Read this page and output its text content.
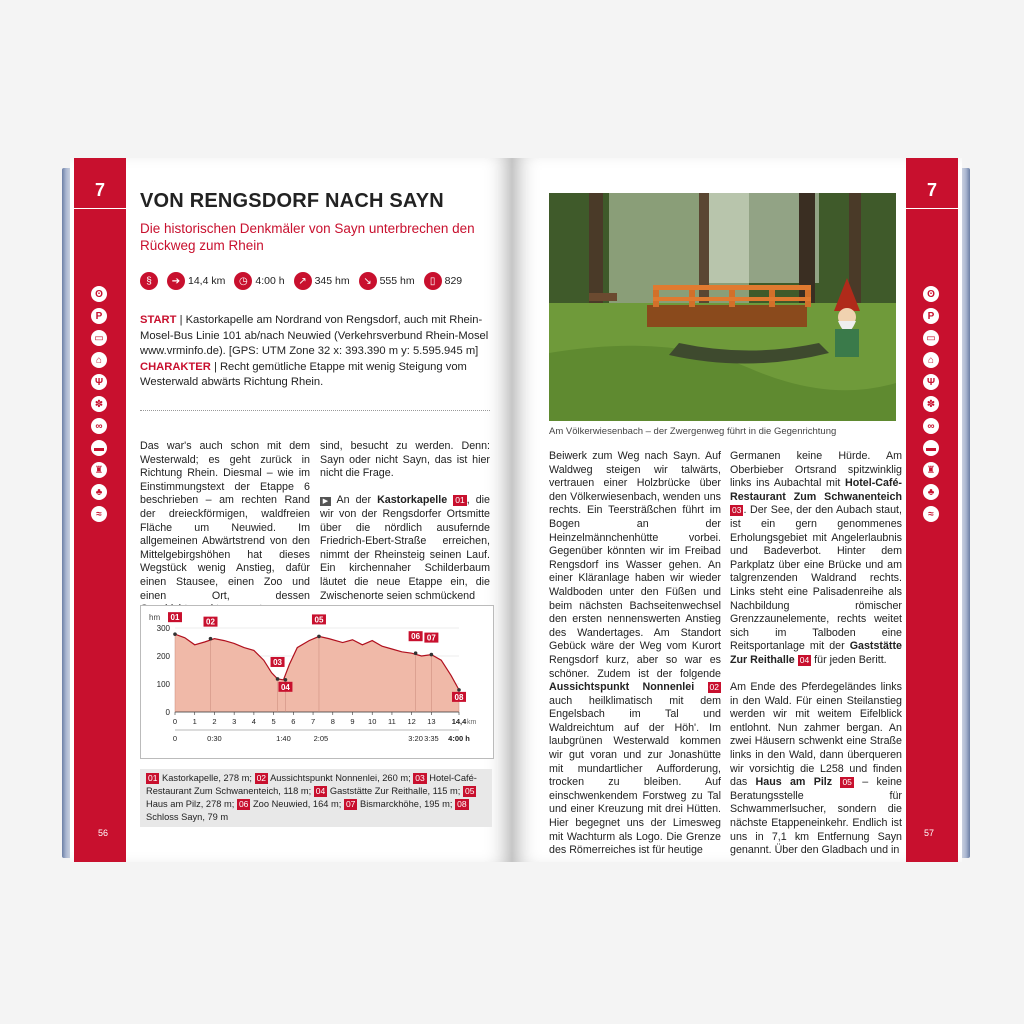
7
ʘ
P
▭
⌂
Ψ
✽
∞
▬
♜
♣
≈
56
VON RENGSDORF NACH SAYN
Die historischen Denkmäler von Sayn unterbrechen den Rückweg zum Rhein
§	➔ 14,4 km	◷ 4:00 h	↗ 345 hm	↘ 555 hm	▯ 829
START | Kastorkapelle am Nordrand von Rengsdorf, auch mit Rhein-Mosel-Bus Linie 101 ab/nach Neuwied (Verkehrsverbund Rhein-Mosel www.vrminfo.de). [GPS: UTM Zone 32 x: 393.390 m y: 5.595.945 m]
CHARAKTER | Recht gemütliche Etappe mit wenig Steigung vom Westerwald abwärts Richtung Rhein.
Das war's auch schon mit dem Westerwald; es geht zurück in Richtung Rhein. Diesmal – wie im Einstimmungstext der Etappe 6 beschrieben – am rechten Rand der dreieckförmigen, waldfreien Fläche um Neuwied. Im allgemeinen Abwärtstrend von den Mittelgebirgshöhen hat dieses Wegstück wenig Anstieg, dafür einen Stausee, einen Zoo und einen Ort, dessen
sind, besucht zu werden. Denn: Sayn oder nicht Sayn, das ist hier nicht die Frage.

▶ An der Kastorkapelle 01 , die wir von der Rengsdorfer Ortsmitte über die nördlich ausufernde Friedrich-Ebert-Straße erreichen, nimmt der Rheinsteig seinen Lauf. Ein kirchennaher Schilderbaum läutet die neue Etappe ein, die Zwischenorte seien schmückend
hm
0
100
200
300
0 1 2 3 4 5 6 7 8 9 10 11 12 13 14,4 km
0	0:30	1:40	2:05	3:20 3:35 4:00 h
01	02
03
04
05
06 07
08
01 Kastorkapelle, 278 m; 02 Aussichtspunkt Nonnenlei, 260 m; 03 Hotel-Café-Restaurant Zum Schwanenteich, 118 m; 04 Gaststätte Zur Reithalle, 115 m; 05 Haus am Pilz, 278 m; 06 Zoo Neuwied, 164 m; 07 Bismarckhöhe, 195 m; 08 Schloss Sayn, 79 m
Am Völkerwiesenbach – der Zwergenweg führt in die Gegenrichtung
Beiwerk zum Weg nach Sayn. Auf Waldweg steigen wir talwärts, vertrauen einer Holzbrücke über den Völkerwiesenbach, wenden uns rechts. Ein Teersträßchen führt im Bogen an der Heinzelmännchenhütte vorbei. Gegenüber könnten wir im Freibad Rengsdorf ins Wasser gehen. An einer Kläranlage haben wir wieder Waldboden unter den Füßen und beim nächsten Bachseitenwechsel den ersten nennenswerten Anstieg des Wandertages. Am Standort Gebück wäre der Weg vom Kurort Rengsdorf kurz, aber so war es schöner. Zudem ist der folgende Aussichtspunkt Nonnenlei 02 auch heilklimatisch mit dem Engelsbach im Tal und Waldreichtum auf der Höh'. Im laubgrünen Westerwald kommen wir gut voran und zur Jonashütte mit mundartlicher Aufforderung, trocken zu bleiben. Auf einschwenkendem Forstweg zu Tal und einer Kreuzung mit drei Hütten. Hier begegnet uns der Limesweg mit Wachturm als Logo. Die Grenze des Römerreiches ist für heutige
Germanen keine Hürde. Am Oberbieber Ortsrand spitzwinklig links ins Aubachtal mit Hotel-Café-Restaurant Zum Schwanenteich 03 . Der See, der den Aubach staut, ist ein gern genommenes Erholungsgebiet mit Angelerlaubnis und Badeverbot. Hinter dem Parkplatz über eine Brücke und am talgrenzenden Waldrand rechts. Links steht eine Palisadenreihe als Nachbildung römischer Grenzzaunelemente, rechts weitet sich im Talboden eine Reitsportanlage mit der Gaststätte Zur Reithalle 04 für jeden Beritt.

Am Ende des Pferdegeländes links in den Wald. Für einen Steilanstieg werden wir mit weitem Eifelblick entlohnt. Nun zahmer bergan. An zwei Häusern schwenkt eine Straße links in den Wald, dann überqueren wir vorsichtig die L258 und finden das Haus am Pilz 05 – keine Beratungsstelle für Schwammerlsucher, sondern die nächste Etappeneinkehr. Endlich ist uns in 7,1 km Entfernung Sayn genannt. Über den Gladbach und in
7
ʘ
P
▭
⌂
Ψ
✽
∞
▬
♜
♣
≈
57
